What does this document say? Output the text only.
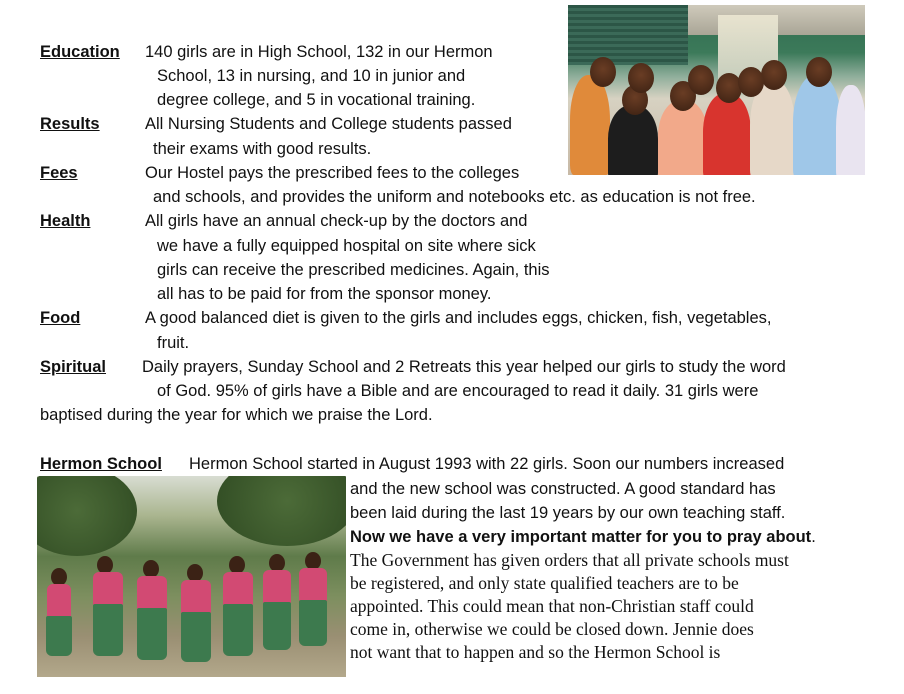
Education 140 girls are in High School, 132 in our Hermon
School, 13 in nursing, and 10 in junior and
degree college, and 5 in vocational training.
Results	All Nursing Students and College students passed
their exams with good results.
Fees	Our Hostel pays the prescribed fees to the colleges
and schools, and provides the uniform and notebooks etc. as education is not free.
Health	All girls have an annual check-up by the doctors and
we have a fully equipped hospital on site where sick
girls can receive the prescribed medicines. Again, this
all has to be paid for from the sponsor money.
Food	A good balanced diet is given to the girls and includes eggs, chicken, fish, vegetables,
fruit.
Spiritual Daily prayers, Sunday School and 2 Retreats this year helped our girls to study the word
of God. 95% of girls have a Bible and are encouraged to read it daily. 31 girls were
baptised during the year for which we praise the Lord.
Hermon School Hermon School started in August 1993 with 22 girls. Soon our numbers increased
and the new school was constructed. A good standard has
been laid during the last 19 years by our own teaching staff.
Now we have a very important matter for you to pray about.
The Government has given orders that all private schools must
be registered, and only state qualified teachers are to be
appointed. This could mean that non-Christian staff could
come in, otherwise we could be closed down. Jennie does
not want that to happen and so the Hermon School is
